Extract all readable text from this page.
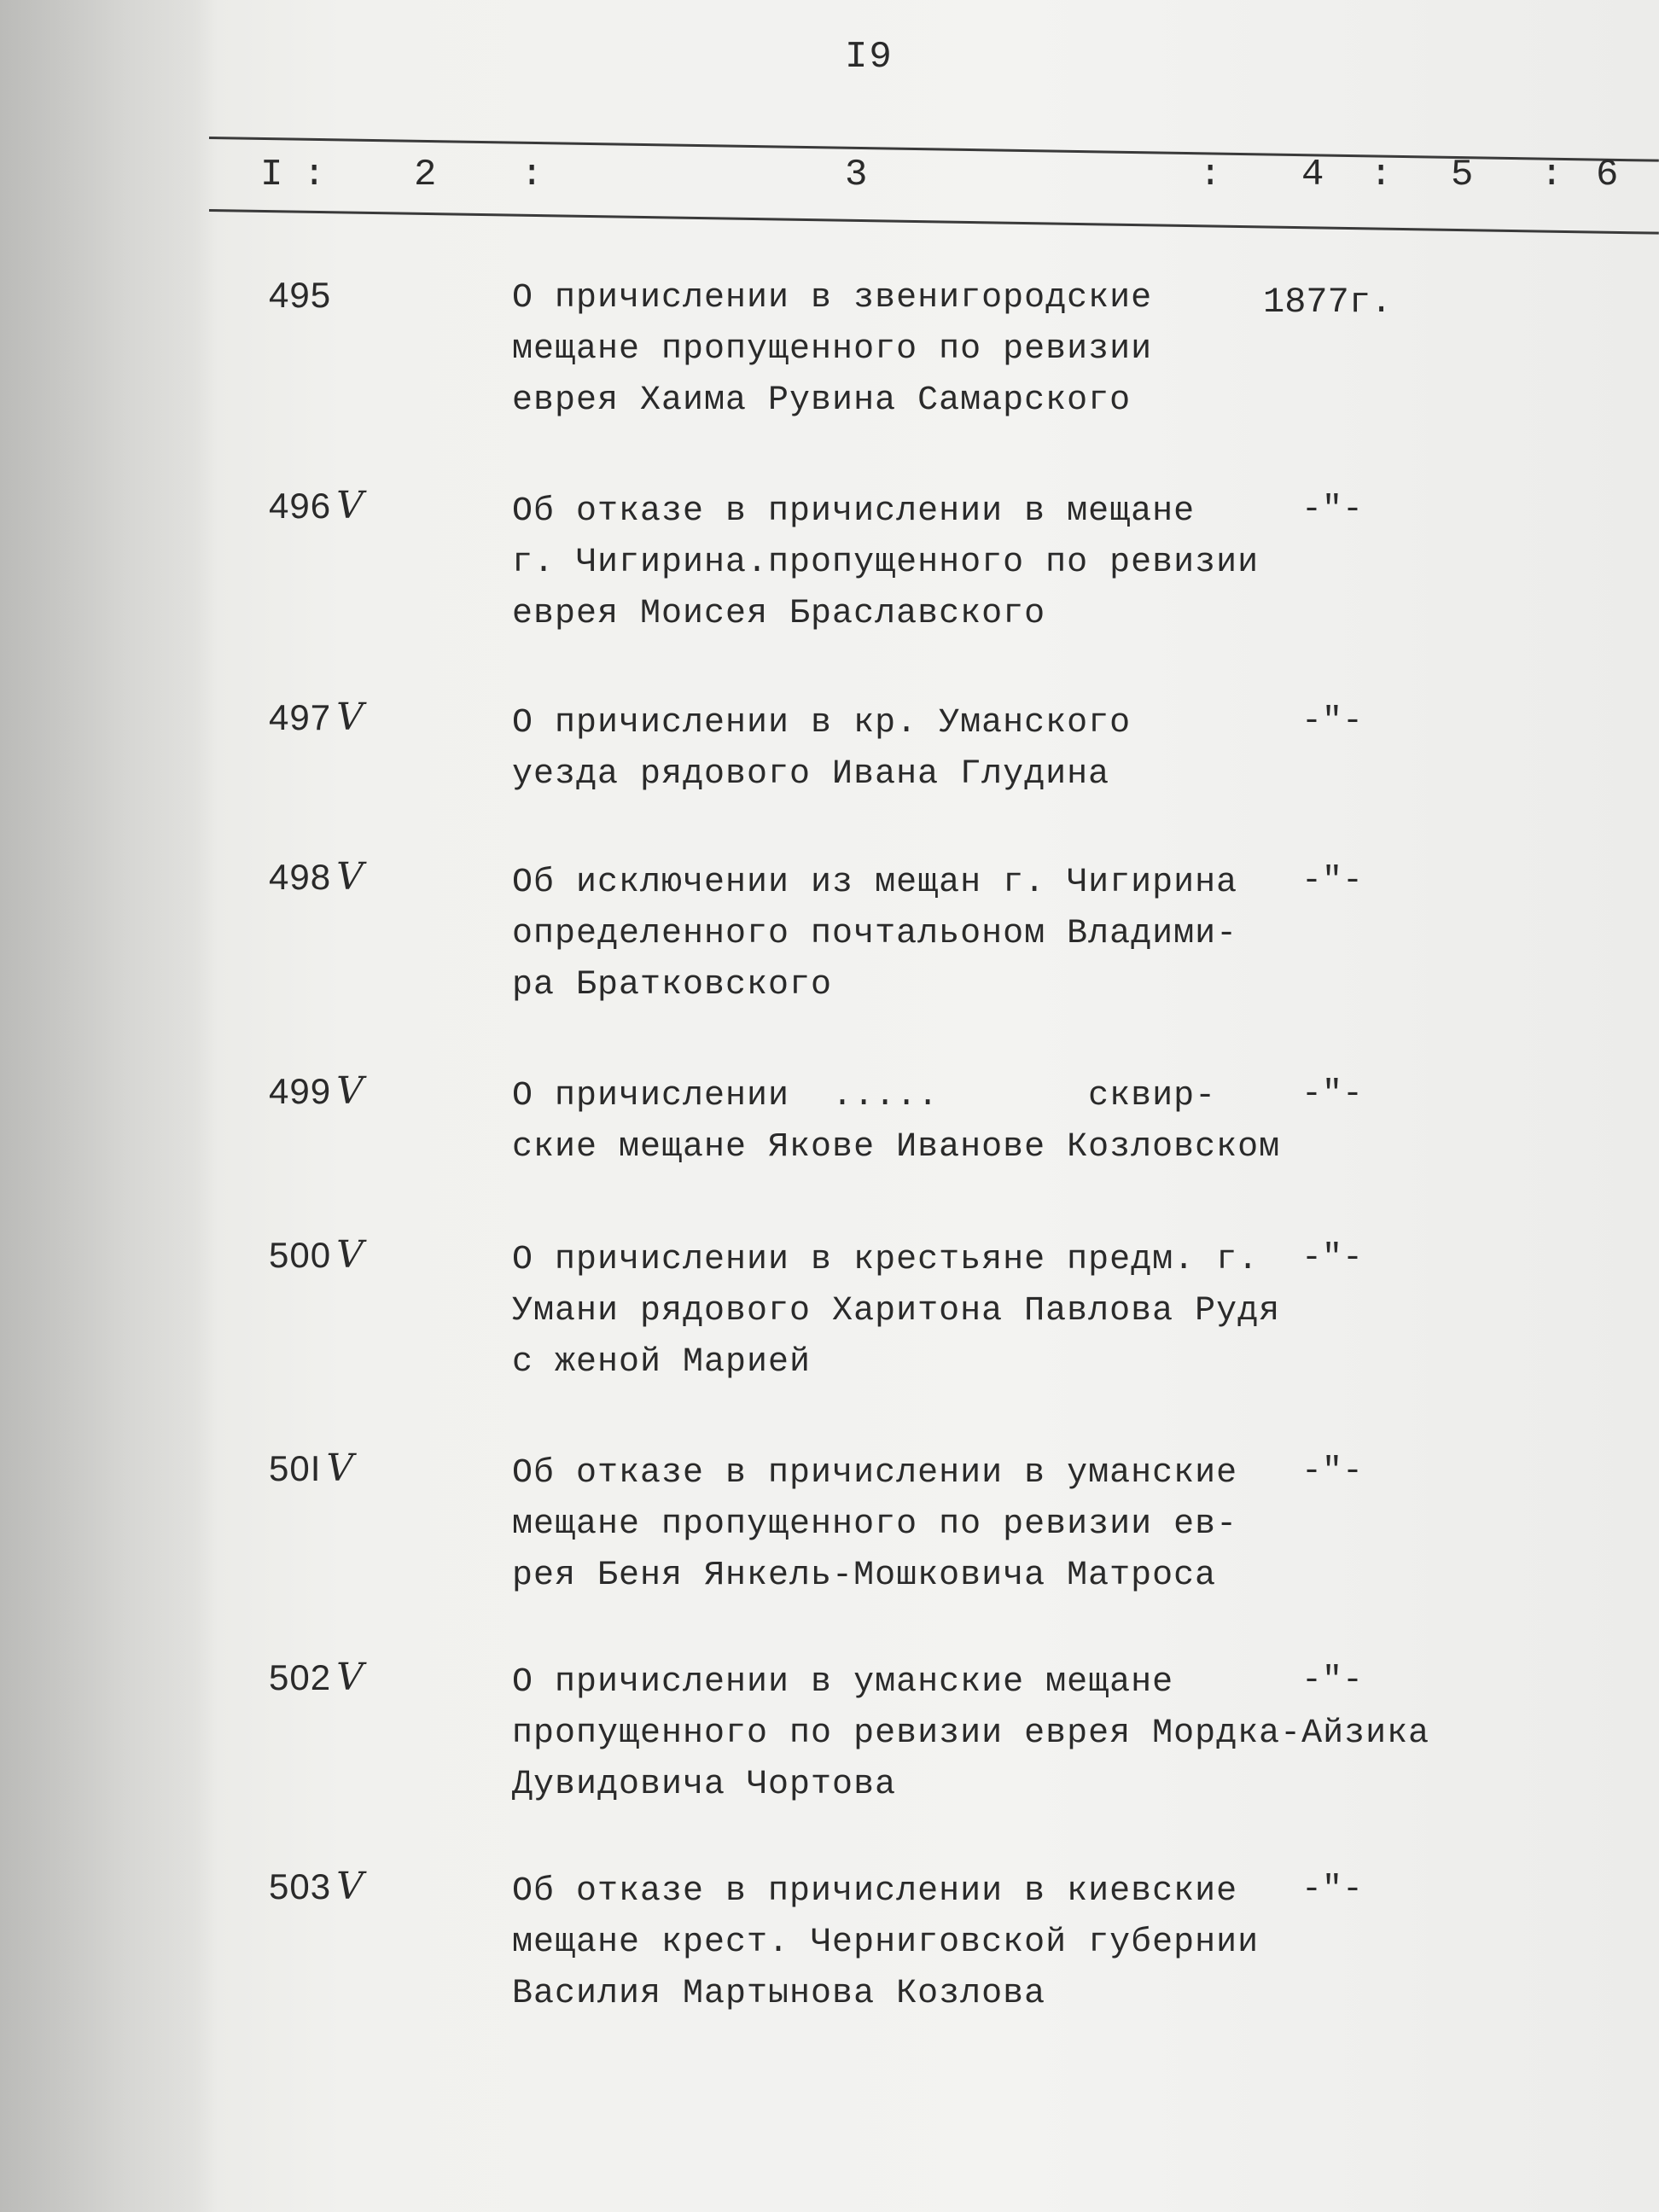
I9
I : 2 :	3	: 4 : 5 : 6
495	О причислении в звенигородские
мещане пропущенного по ревизии
еврея Хаима Рувина Самарского
1877г.
496 V	Об отказе в причислении в мещане
г. Чигирина.пропущенного по ревизии
еврея Моисея Браславского
-"-
497 V	О причислении в кр. Уманского
уезда рядового Ивана Глудина
-"-
498 V	Об исключении из мещан г. Чигирина
определенного почтальоном Владими-
ра Братковского
-"-
499 V	О причислении  .....       сквир-
ские мещане Якове Иванове Козловском
-"-
500 V	О причислении в крестьяне предм. г.
Умани рядового Харитона Павлова Рудя
с женой Марией
-"-
50I V	Об отказе в причислении в уманские
мещане пропущенного по ревизии ев-
рея Беня Янкель-Мошковича Матроса
-"-
502 V	О причислении в уманские мещане
пропущенного по ревизии еврея Мордка-Айзика
Дувидовича Чортова
-"-
503 V	Об отказе в причислении в киевские
мещане крест. Черниговской губернии
Василия Мартынова Козлова
-"-
